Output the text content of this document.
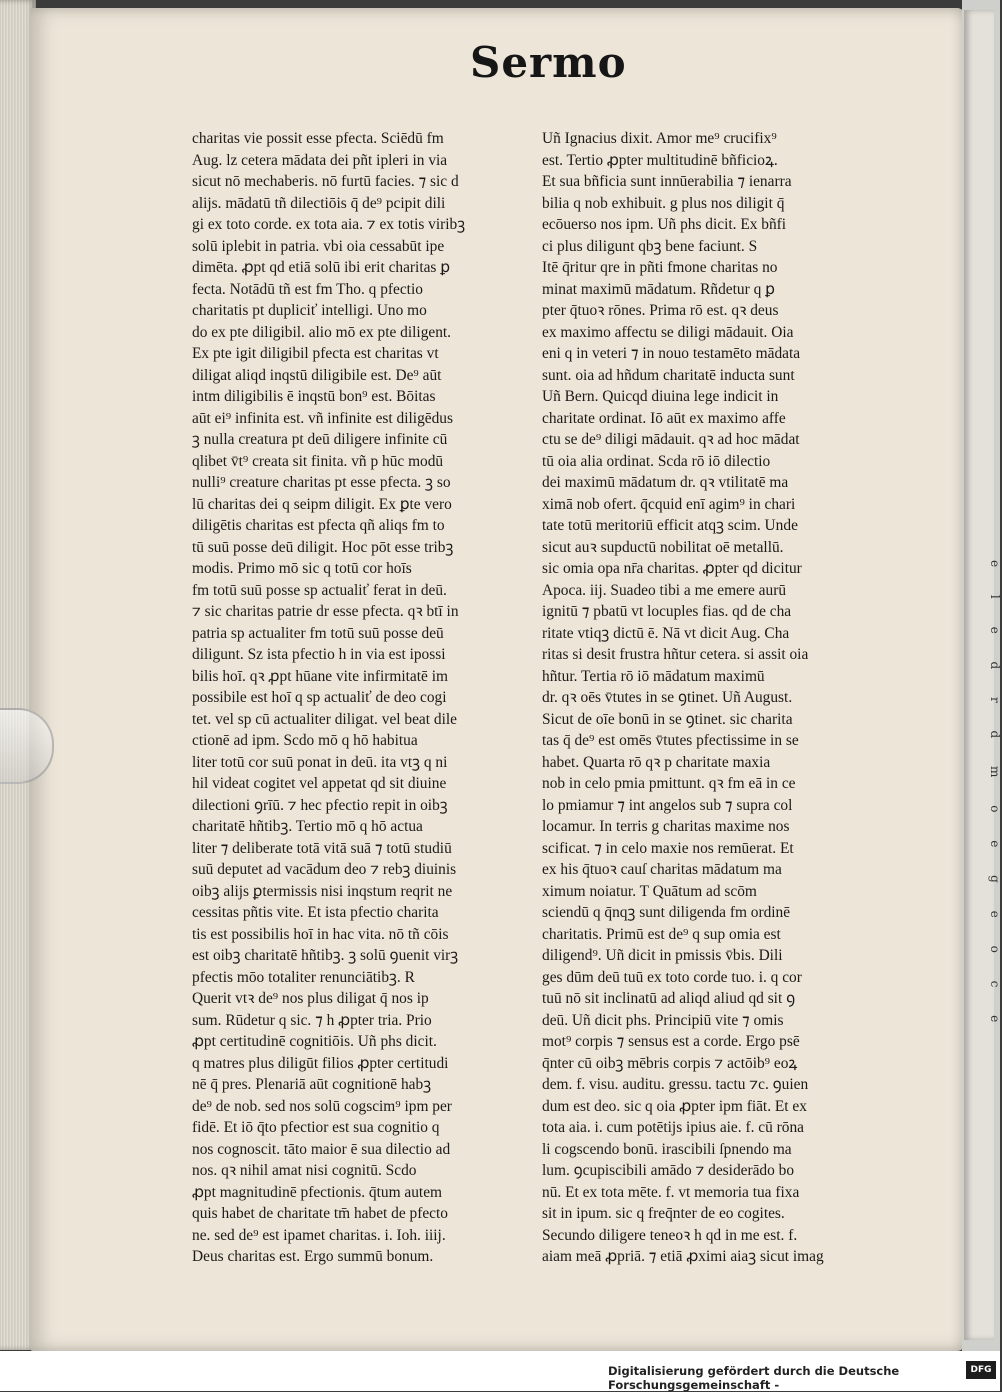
e l e d r d m o e g e o c e
Sermo
charitas vie possit esse pfecta. Sciēdū fm
Aug. lz cetera mādata dei pñt ipleri in via
sicut nō mechaberis. nō furtū facies. ⁊ sic d
alijs. mādatū tñ dilectiōis q̄ de⁹ pcipit dili
gi ex toto corde. ex tota aia. ⁊ ex totis viribꝫ
solū iplebit in patria. vbi oia cessabūt ipe
dimēta. ꝓpt qd etiā solū ibi erit charitas ꝑ
fecta. Notādū tñ est fm Tho. q pfectio
charitatis pt dupliciť intelligi. Uno mo
do ex pte diligibil. alio mō ex pte diligent.
Ex pte igit diligibil pfecta est charitas vt
diligat aliqd inqstū diligibile est. De⁹ aūt
intm diligibilis ē inqstū bon⁹ est. Bōitas
aūt ei⁹ infinita est. vñ infinite est diligēdus
ꝫ nulla creatura pt deū diligere infinite cū
qlibet v̄t⁹ creata sit finita. vñ p hūc modū
nulli⁹ creature charitas pt esse pfecta. ꝫ so
lū charitas dei q seipm diligit. Ex ꝑte vero
diligētis charitas est pfecta qñ aliqs fm to
tū suū posse deū diligit. Hoc pōt esse tribꝫ
modis. Primo mō sic q totū cor hoīs
fm totū suū posse sp actualiť ferat in deū.
⁊ sic charitas patrie dr esse pfecta. qꝛ btī in
patria sp actualiter fm totū suū posse deū
diligunt. Sz ista pfectio h in via est ipossi
bilis hoī. qꝛ ꝓpt hūane vite infirmitatē im
possibile est hoī q sp actualiť de deo cogi
tet. vel sp cū actualiter diligat. vel beat dile
ctionē ad ipm. Scdo mō q hō habitua
liter totū cor suū ponat in deū. ita vtꝫ q ni
hil videat cogitet vel appetat qd sit diuine
dilectioni ꝯrīū. ⁊ hec pfectio repit in oibꝫ
charitatē hñtibꝫ. Tertio mō q hō actua
liter ⁊ deliberate totā vitā suā ⁊ totū studiū
suū deputet ad vacādum deo ⁊ rebꝫ diuinis
oibꝫ alijs ꝑtermissis nisi inqstum reqrit ne
cessitas pñtis vite. Et ista pfectio charita
tis est possibilis hoī in hac vita. nō tñ cōis
est oibꝫ charitatē hñtibꝫ. ꝫ solū ꝯuenit virꝫ
pfectis mōo totaliter renunciātibꝫ. R
Querit vtꝛ de⁹ nos plus diligat q̄ nos ip
sum. Rūdetur q sic. ⁊ h ꝓpter tria. Prio
ꝓpt certitudinē cognitiōis. Uñ phs dicit.
q matres plus diligūt filios ꝓpter certitudi
nē q̄ pres. Plenariā aūt cognitionē habꝫ
de⁹ de nob. sed nos solū cogscim⁹ ipm per
fidē. Et iō q̄to pfectior est sua cognitio q
nos cognoscit. tāto maior ē sua dilectio ad
nos. qꝛ nihil amat nisi cognitū. Scdo
ꝓpt magnitudinē pfectionis. q̄tum autem
quis habet de charitate tm̄ habet de pfecto
ne. sed de⁹ est ipamet charitas. i. Ioh. iiij.
Deus charitas est. Ergo summū bonum.
Uñ Ignacius dixit. Amor me⁹ crucifix⁹
est. Tertio ꝓpter multitudinē bñficioꝝ.
Et sua bñficia sunt innūerabilia ⁊ ienarra
bilia q nob exhibuit. g plus nos diligit q̄
ecōuerso nos ipm. Uñ phs dicit. Ex bñfi
ci plus diligunt qbꝫ bene faciunt. S
Itē q̄ritur qre in pñti fmone charitas no
minat maximū mādatum. Rñdetur q ꝑ
pter q̄tuoꝛ rōnes. Prima rō est. qꝛ deus
ex maximo affectu se diligi mādauit. Oia
eni q in veteri ⁊ in nouo testamēto mādata
sunt. oia ad hñdum charitatē inducta sunt
Uñ Bern. Quicqd diuina lege indicit in
charitate ordinat. Iō aūt ex maximo affe
ctu se de⁹ diligi mādauit. qꝛ ad hoc mādat
tū oia alia ordinat. Scda rō iō dilectio
dei maximū mādatum dr. qꝛ vtilitatē ma
ximā nob ofert. q̄cquid enī agim⁹ in chari
tate totū meritoriū efficit atqꝫ scim. Unde
sicut auꝛ supductū nobilitat oē metallū.
sic omia opa nr̄a charitas. ꝓpter qd dicitur
Apoca. iij. Suadeo tibi a me emere aurū
ignitū ⁊ pbatū vt locuples fias. qd de cha
ritate vtiqꝫ dictū ē. Nā vt dicit Aug. Cha
ritas si desit frustra hñtur cetera. si assit oia
hñtur. Tertia rō iō mādatum maximū
dr. qꝛ oēs v̄tutes in se ꝯtinet. Uñ August.
Sicut de oīe bonū in se ꝯtinet. sic charita
tas q̄ de⁹ est omēs v̄tutes pfectissime in se
habet. Quarta rō qꝛ p charitate maxia
nob in celo pmia pmittunt. qꝛ fm eā in ce
lo pmiamur ⁊ int angelos sub ⁊ supra col
locamur. In terris g charitas maxime nos
scificat. ⁊ in celo maxie nos remūerat. Et
ex his q̄tuoꝛ cauſ charitas mādatum ma
ximum noiatur. T Quātum ad scōm
sciendū q q̄nqꝫ sunt diligenda fm ordinē
charitatis. Primū est de⁹ q sup omia est
diligend⁹. Uñ dicit in pmissis v̄bis. Dili
ges dūm deū tuū ex toto corde tuo. i. q cor
tuū nō sit inclinatū ad aliqd aliud qd sit ꝯ
deū. Uñ dicit phs. Principiū vite ⁊ omis
mot⁹ corpis ⁊ sensus est a corde. Ergo psē
q̄nter cū oibꝫ mēbris corpis ⁊ actōib⁹ eoꝝ
dem. f. visu. auditu. gressu. tactu ⁊c. ꝯuien
dum est deo. sic q oia ꝓpter ipm fiāt. Et ex
tota aia. i. cum potētijs ipius aie. f. cū rōna
li cogscendo bonū. irascibili ſpnendo ma
lum. ꝯcupiscibili amādo ⁊ desiderādo bo
nū. Et ex tota mēte. f. vt memoria tua fixa
sit in ipum. sic q freq̄nter de eo cogites.
Secundo diligere teneoꝛ h qd in me est. f.
aiam meā ꝓpriā. ⁊ etiā ꝓximi aiaꝫ sicut imag
Digitalisierung gefördert durch die Deutsche Forschungsgemeinschaft -
DFG
